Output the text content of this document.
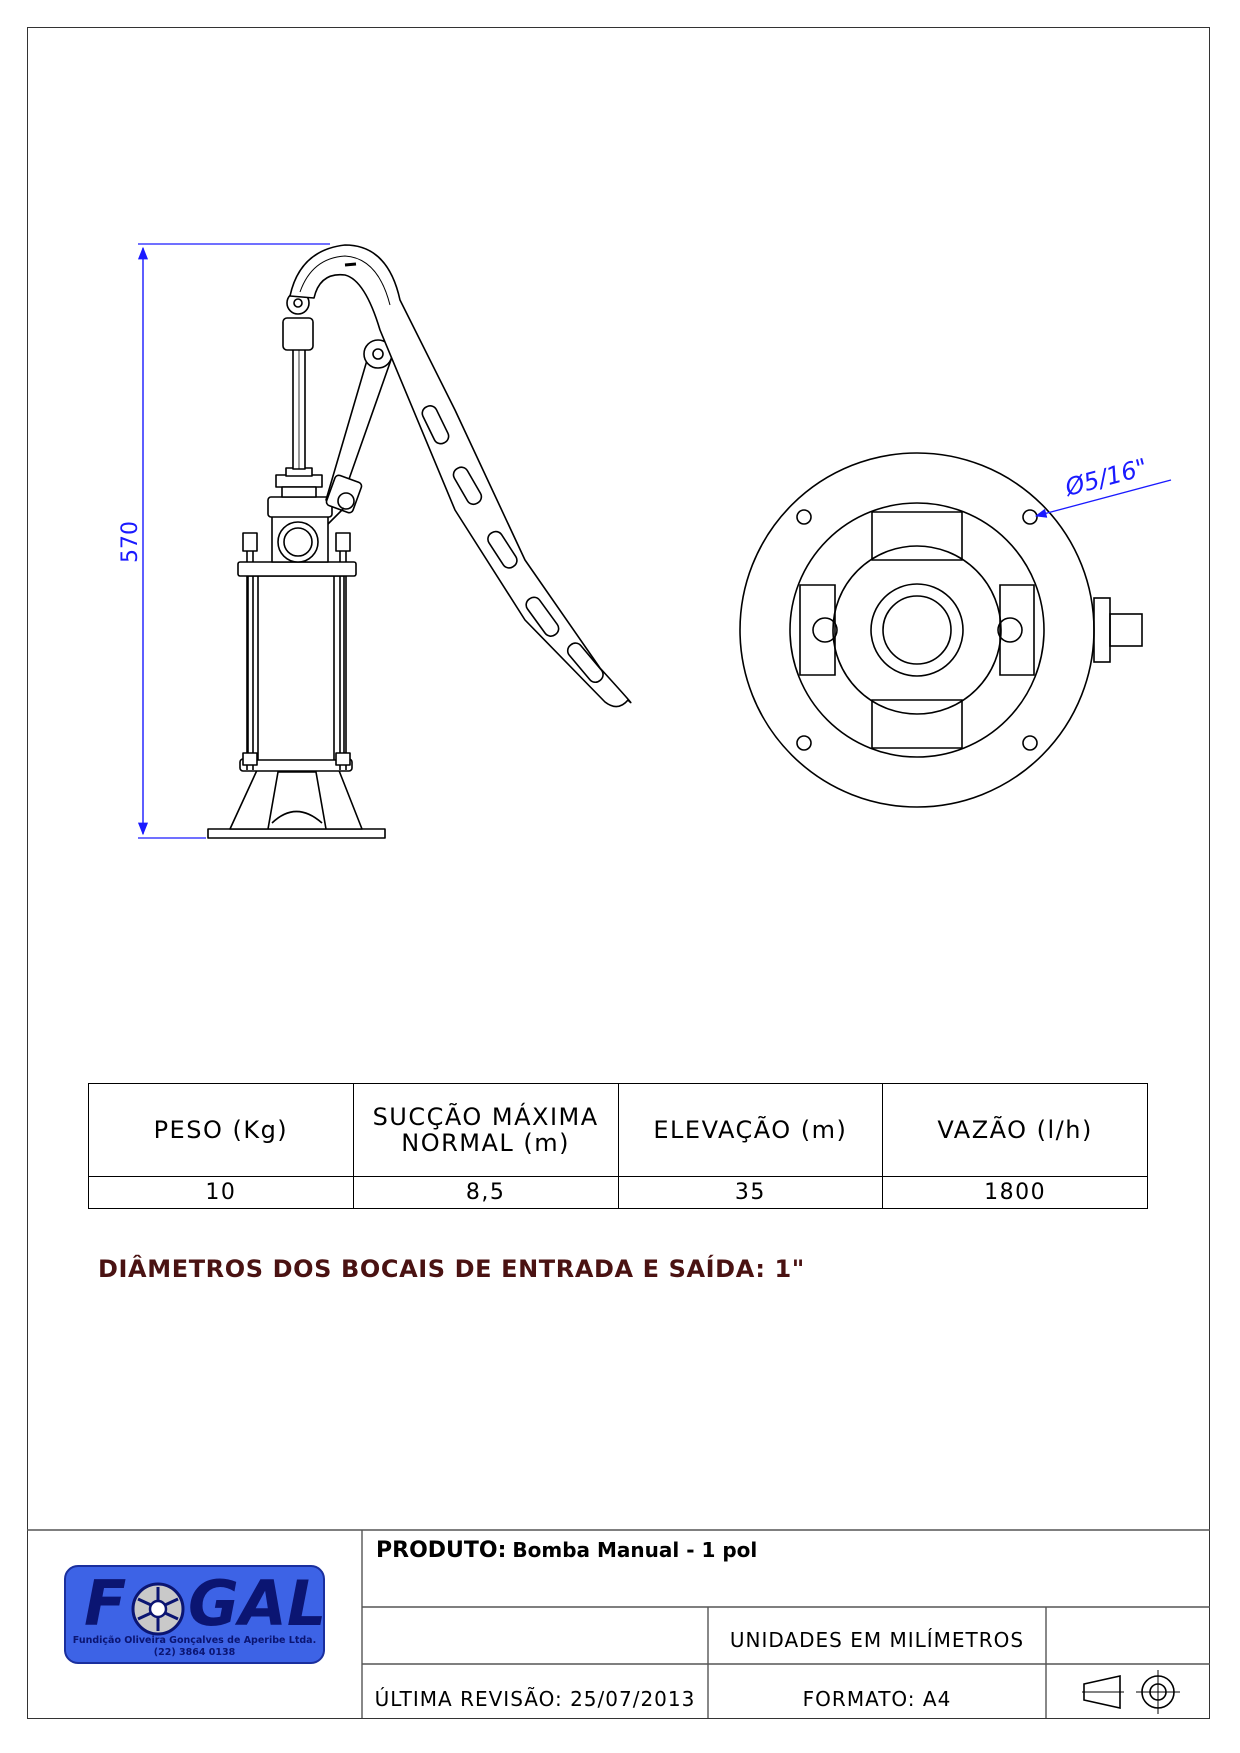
570
Ø5/16"
PESO (Kg)	SUCÇÃO MÁXIMA
NORMAL (m)	ELEVAÇÃO (m)	VAZÃO (l/h)
10	8,5	35	1800
DIÂMETROS DOS BOCAIS DE ENTRADA E SAÍDA: 1"
PRODUTO: Bomba Manual - 1 pol
UNIDADES EM MILÍMETROS
ÚLTIMA REVISÃO: 25/07/2013	FORMATO: A4
F GAL
Fundição Oliveira Gonçalves de Aperibe Ltda.
(22) 3864 0138
